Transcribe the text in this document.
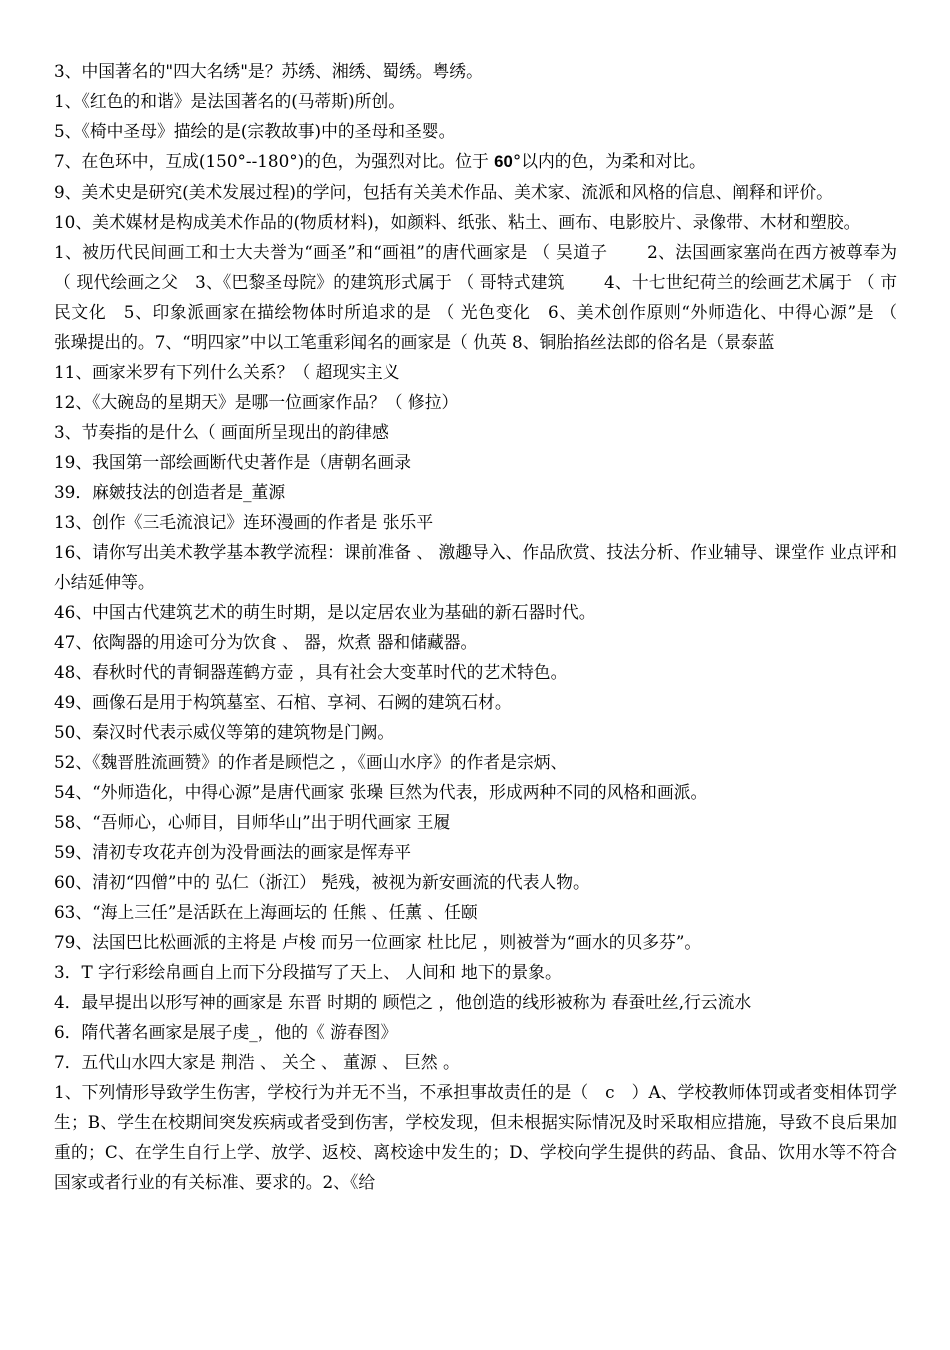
3、中国著名的"四大名绣"是？苏绣、湘绣、蜀绣。粤绣。

1、《红色的和谐》是法国著名的(马蒂斯)所创。

5、《椅中圣母》描绘的是(宗教故事)中的圣母和圣婴。

7、在色环中，互成(150°--180°)的色，为强烈对比。位于 60°以内的色，为柔和对比。

9、美术史是研究(美术发展过程)的学问，包括有关美术作品、美术家、流派和风格的信息、阐释和评价。

10、美术媒材是构成美术作品的(物质材料)，如颜料、纸张、粘土、画布、电影胶片、录像带、木材和塑胶。

1、被历代民间画工和士大夫誉为“画圣”和“画祖”的唐代画家是 （ 吴道子　　 2、法国画家塞尚在西方被尊奉为 （ 现代绘画之父　3、《巴黎圣母院》的建筑形式属于 （ 哥特式建筑　　 4、十七世纪荷兰的绘画艺术属于 （ 市民文化　5、印象派画家在描绘物体时所追求的是 （ 光色变化　6、美术创作原则“外师造化、中得心源”是 （　张璪提出的。7、“明四家”中以工笔重彩闻名的画家是（ 仇英 8、铜胎掐丝法郎的俗名是（景泰蓝

11、画家米罗有下列什么关系？（ 超现实主义

12、《大碗岛的星期天》是哪一位画家作品？（ 修拉）

3、节奏指的是什么（ 画面所呈现出的韵律感

19、我国第一部绘画断代史著作是（唐朝名画录

39．麻皴技法的创造者是_董源

13、创作《三毛流浪记》连环漫画的作者是 张乐平

16、请你写出美术教学基本教学流程：课前准备 、 激趣导入、作品欣赏、技法分析、作业辅导、课堂作 业点评和小结延伸等。

46、中国古代建筑艺术的萌生时期，是以定居农业为基础的新石器时代。

47、依陶器的用途可分为饮食 、 器，炊煮 器和储藏器。

48、春秋时代的青铜器莲鹤方壶 ，具有社会大变革时代的艺术特色。

49、画像石是用于构筑墓室、石棺、享祠、石阙的建筑石材。

50、秦汉时代表示威仪等第的建筑物是门阙。

52、《魏晋胜流画赞》的作者是顾恺之 ，《画山水序》的作者是宗炳、

54、“外师造化，中得心源”是唐代画家 张璪 巨然为代表，形成两种不同的风格和画派。

58、“吾师心，心师目，目师华山”出于明代画家 王履

59、清初专攻花卉创为没骨画法的画家是恽寿平

60、清初“四僧”中的 弘仁（浙江） 髡残，被视为新安画流的代表人物。

63、“海上三任”是活跃在上海画坛的 任熊 、任薰 、任颐

79、法国巴比松画派的主将是 卢梭 而另一位画家 杜比尼 ，则被誉为“画水的贝多芬”。

3．T 字行彩绘帛画自上而下分段描写了天上、 人间和 地下的景象。

4．最早提出以形写神的画家是 东晋 时期的 顾恺之 ，他创造的线形被称为 春蚕吐丝,行云流水

6．隋代著名画家是展子虔_，他的《 游春图》

7．五代山水四大家是 荆浩 、 关仝 、 董源 、 巨然 。

1、下列情形导致学生伤害，学校行为并无不当，不承担事故责任的是（　c　）A、学校教师体罚或者变相体罚学生；B、学生在校期间突发疾病或者受到伤害，学校发现，但未根据实际情况及时采取相应措施，导致不良后果加重的；C、在学生自行上学、放学、返校、离校途中发生的；D、学校向学生提供的药品、食品、饮用水等不符合国家或者行业的有关标准、要求的。2、《给
